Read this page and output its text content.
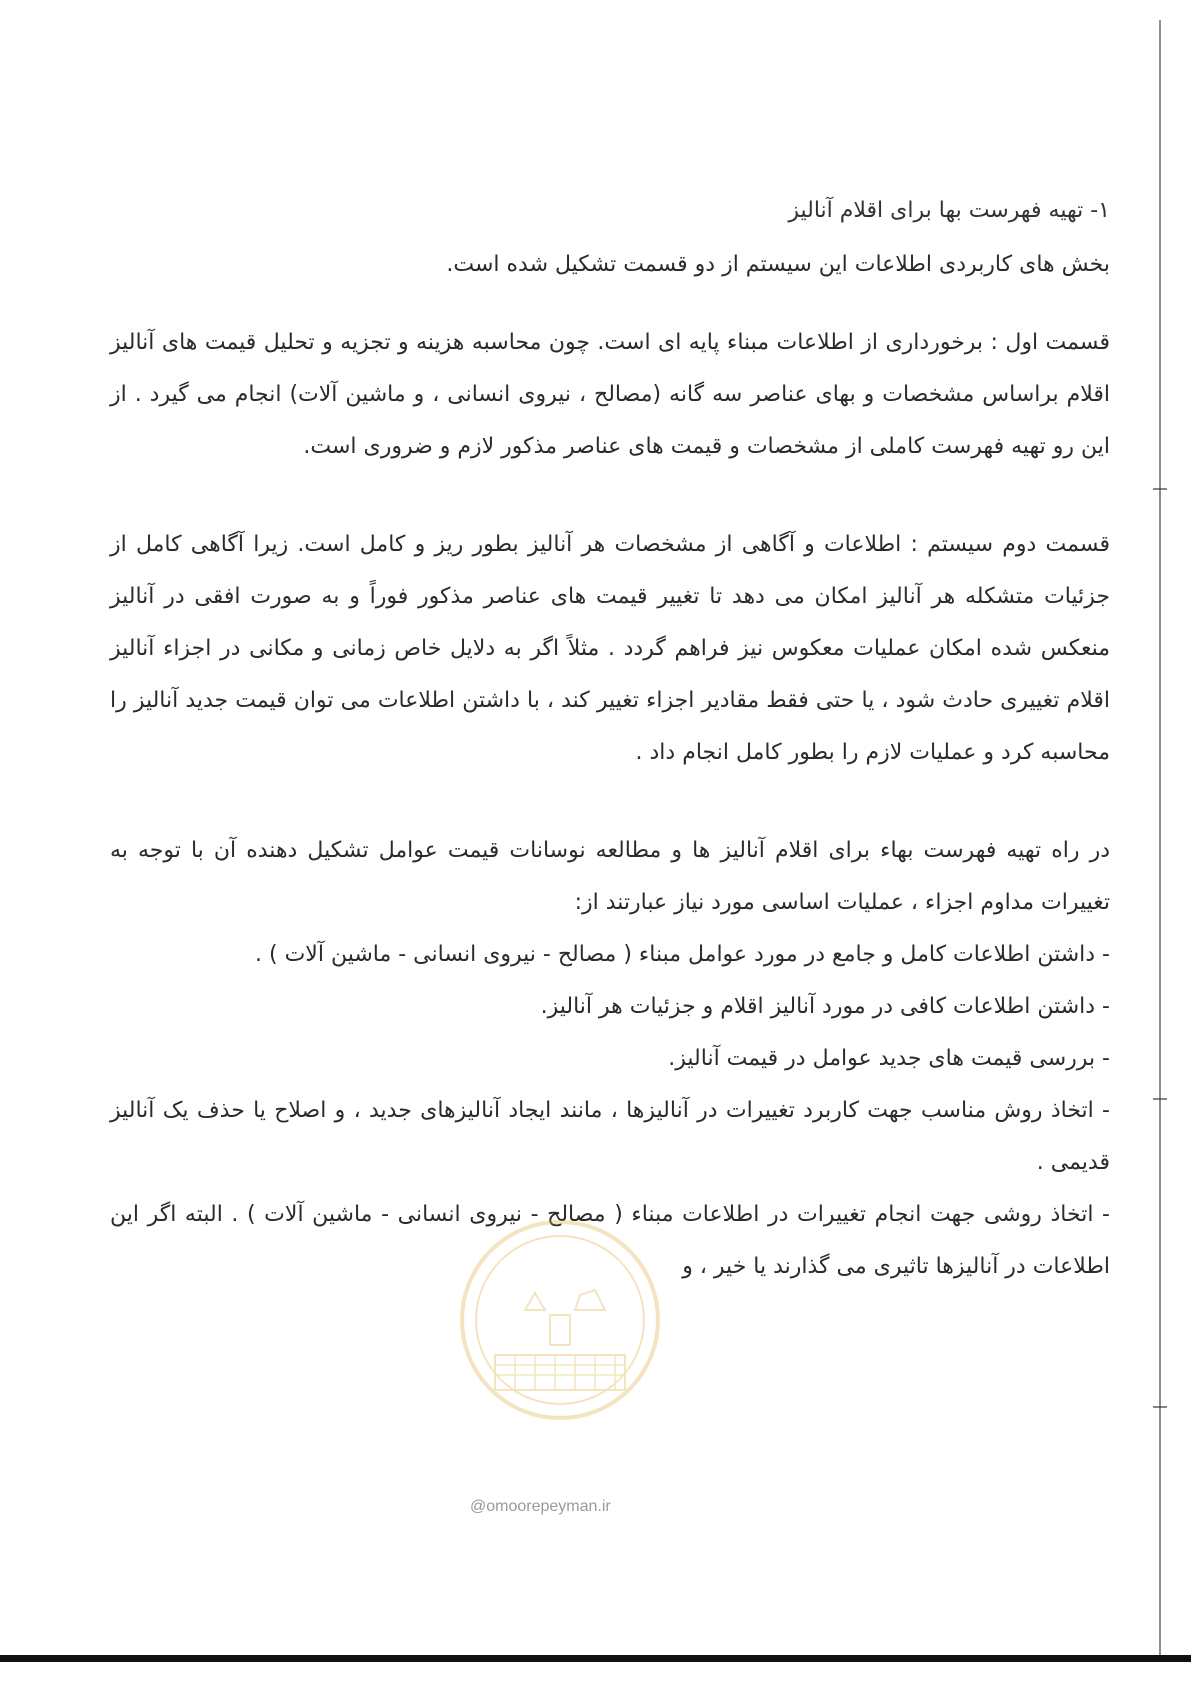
۱- تهیه فهرست بها برای اقلام آنالیز

بخش های کاربردی اطلاعات این سیستم از دو قسمت تشکیل شده است.

قسمت اول : برخورداری از اطلاعات مبناء پایه ای است. چون محاسبه هزینه و تجزیه و تحلیل قیمت های آنالیز اقلام براساس مشخصات و بهای عناصر سه گانه (مصالح ، نیروی انسانی ، و ماشین آلات) انجام می گیرد . از این رو تهیه فهرست کاملی از مشخصات و قیمت های عناصر مذکور لازم و ضروری است.

قسمت دوم سیستم : اطلاعات و آگاهی از مشخصات هر آنالیز بطور ریز و کامل است. زیرا آگاهی کامل از جزئیات متشکله هر آنالیز امکان می دهد تا تغییر قیمت های عناصر مذکور فوراً و به صورت افقی در آنالیز منعکس شده امکان عملیات معکوس نیز فراهم گردد . مثلاً اگر به دلایل خاص زمانی و مکانی در اجزاء آنالیز اقلام تغییری حادث شود ، یا حتی فقط مقادیر اجزاء تغییر کند ، با داشتن اطلاعات می توان قیمت جدید آنالیز را محاسبه کرد و عملیات لازم را بطور کامل انجام داد .

در راه تهیه فهرست بهاء برای اقلام آنالیز ها و مطالعه نوسانات قیمت عوامل تشکیل دهنده آن با توجه به تغییرات مداوم اجزاء ، عملیات اساسی مورد نیاز عبارتند از:

- داشتن اطلاعات کامل و جامع در مورد عوامل مبناء ( مصالح - نیروی انسانی - ماشین آلات ) .
- داشتن اطلاعات کافی در مورد آنالیز اقلام و جزئیات هر آنالیز.
- بررسی قیمت های جدید عوامل در قیمت آنالیز.
- اتخاذ روش مناسب جهت کاربرد تغییرات در آنالیزها ، مانند ایجاد آنالیزهای جدید ، و اصلاح یا حذف یک آنالیز قدیمی .
- اتخاذ روشی جهت انجام تغییرات در اطلاعات مبناء ( مصالح - نیروی انسانی - ماشین آلات ) . البته اگر این اطلاعات در آنالیزها تاثیری می گذارند یا خیر ، و
@omoorepeyman.ir
